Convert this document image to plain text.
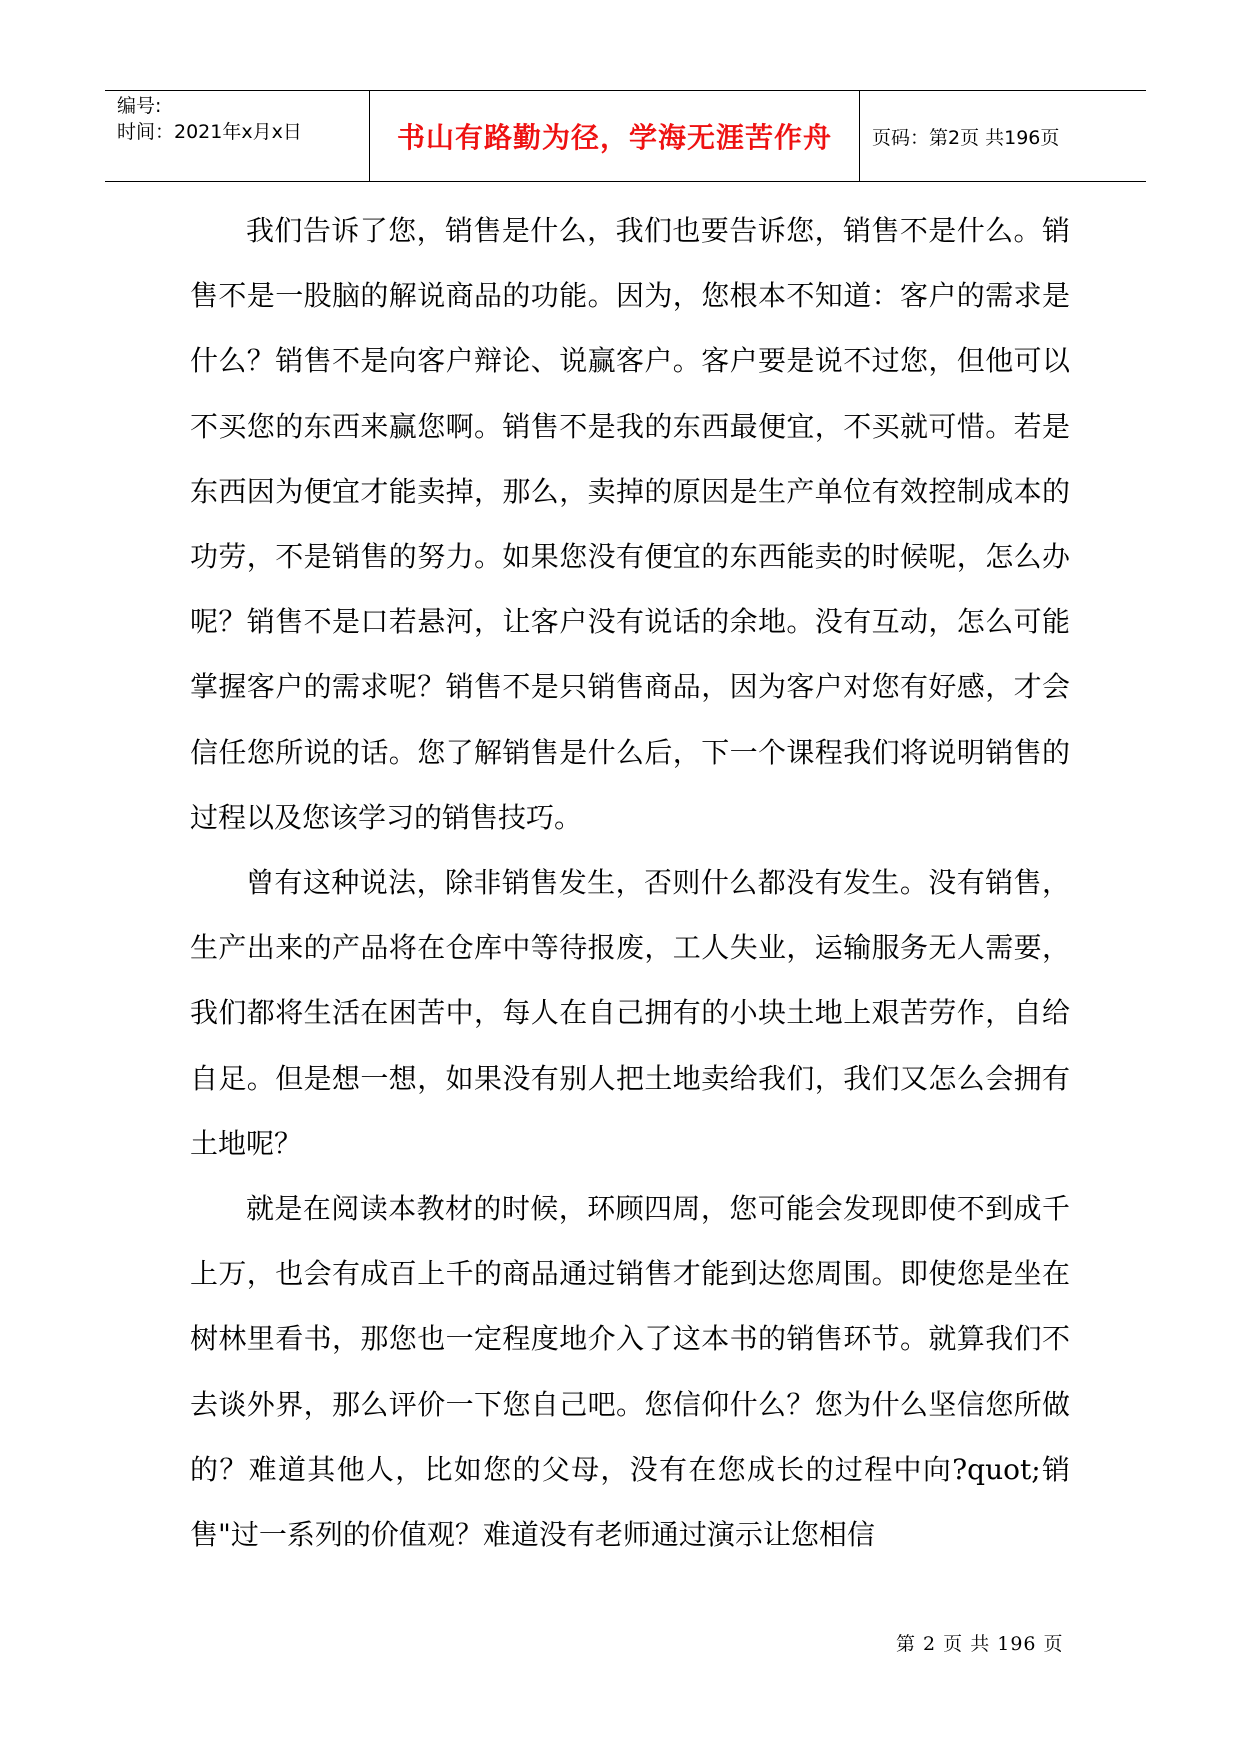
编号:
时间：2021年x月x日	书山有路勤为径，学海无涯苦作舟	页码：第2页 共196页

我们告诉了您，销售是什么，我们也要告诉您，销售不是什么。销售不是一股脑的解说商品的功能。因为，您根本不知道：客户的需求是什么？销售不是向客户辩论、说赢客户。客户要是说不过您，但他可以不买您的东西来赢您啊。销售不是我的东西最便宜，不买就可惜。若是东西因为便宜才能卖掉，那么，卖掉的原因是生产单位有效控制成本的功劳，不是销售的努力。如果您没有便宜的东西能卖的时候呢，怎么办呢？销售不是口若悬河，让客户没有说话的余地。没有互动，怎么可能掌握客户的需求呢？销售不是只销售商品，因为客户对您有好感，才会信任您所说的话。您了解销售是什么后，下一个课程我们将说明销售的过程以及您该学习的销售技巧。

曾有这种说法，除非销售发生，否则什么都没有发生。没有销售，生产出来的产品将在仓库中等待报废，工人失业，运输服务无人需要，我们都将生活在困苦中，每人在自己拥有的小块土地上艰苦劳作，自给自足。但是想一想，如果没有别人把土地卖给我们，我们又怎么会拥有土地呢？

就是在阅读本教材的时候，环顾四周，您可能会发现即使不到成千上万，也会有成百上千的商品通过销售才能到达您周围。即使您是坐在树林里看书，那您也一定程度地介入了这本书的销售环节。就算我们不去谈外界，那么评价一下您自己吧。您信仰什么？您为什么坚信您所做的？难道其他人，比如您的父母，没有在您成长的过程中向?quot;销售"过一系列的价值观？难道没有老师通过演示让您相信

第 2 页 共 196 页
